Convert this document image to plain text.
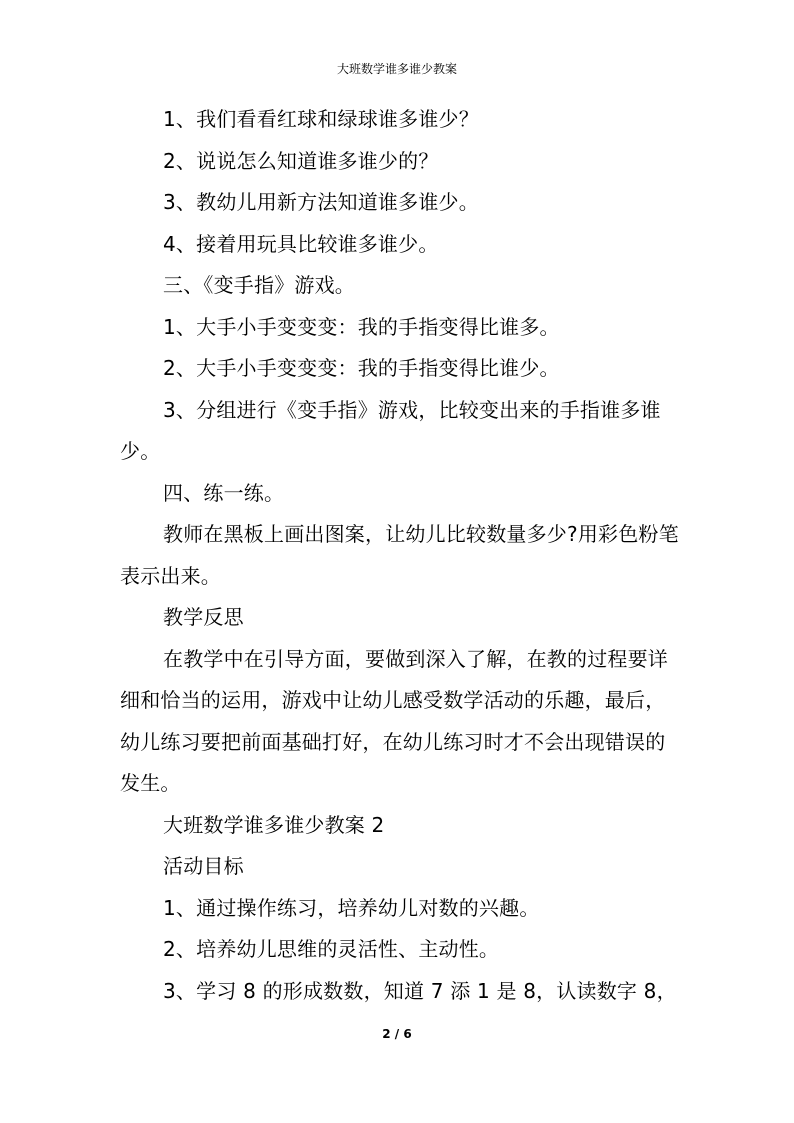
大班数学谁多谁少教案

1、我们看看红球和绿球谁多谁少？

2、说说怎么知道谁多谁少的？

3、教幼儿用新方法知道谁多谁少。

4、接着用玩具比较谁多谁少。

三、《变手指》游戏。

1、大手小手变变变：我的手指变得比谁多。

2、大手小手变变变：我的手指变得比谁少。

3、分组进行《变手指》游戏，比较变出来的手指谁多谁少。

四、练一练。

教师在黑板上画出图案，让幼儿比较数量多少?用彩色粉笔表示出来。

教学反思

在教学中在引导方面，要做到深入了解，在教的过程要详细和恰当的运用，游戏中让幼儿感受数学活动的乐趣，最后，幼儿练习要把前面基础打好，在幼儿练习时才不会出现错误的发生。

大班数学谁多谁少教案 2

活动目标

1、通过操作练习，培养幼儿对数的兴趣。

2、培养幼儿思维的灵活性、主动性。

3、学习 8 的形成数数，知道 7 添 1 是 8，认读数字 8，

2 / 6
